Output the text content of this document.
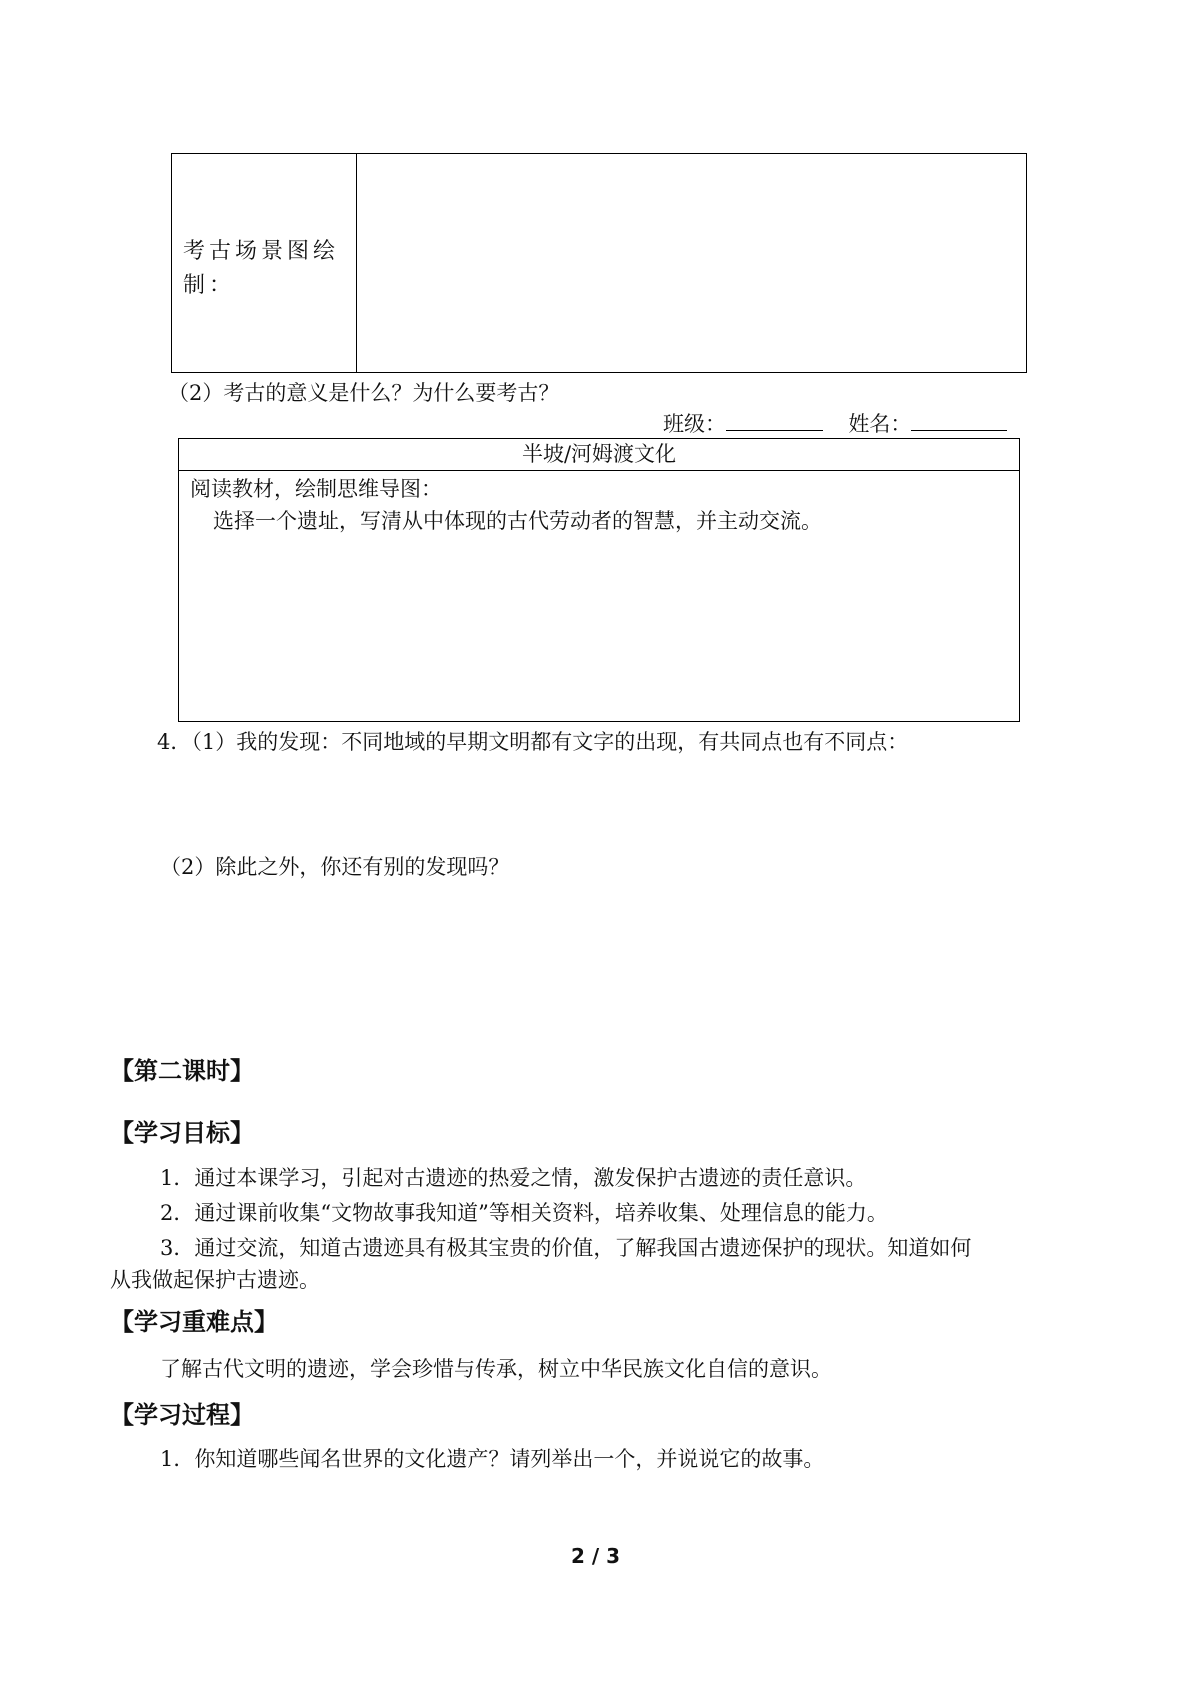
考古场景图绘制：
（2）考古的意义是什么？为什么要考古？
班级：	姓名：
半坡/河姆渡文化
阅读教材，绘制思维导图：
选择一个遗址，写清从中体现的古代劳动者的智慧，并主动交流。
4．（1）我的发现：不同地域的早期文明都有文字的出现，有共同点也有不同点：
（2）除此之外，你还有别的发现吗？
【第二课时】
【学习目标】
1．通过本课学习，引起对古遗迹的热爱之情，激发保护古遗迹的责任意识。
2．通过课前收集“文物故事我知道”等相关资料，培养收集、处理信息的能力。
3．通过交流，知道古遗迹具有极其宝贵的价值，了解我国古遗迹保护的现状。知道如何
从我做起保护古遗迹。
【学习重难点】
了解古代文明的遗迹，学会珍惜与传承，树立中华民族文化自信的意识。
【学习过程】
1．你知道哪些闻名世界的文化遗产？请列举出一个，并说说它的故事。
2 / 3
